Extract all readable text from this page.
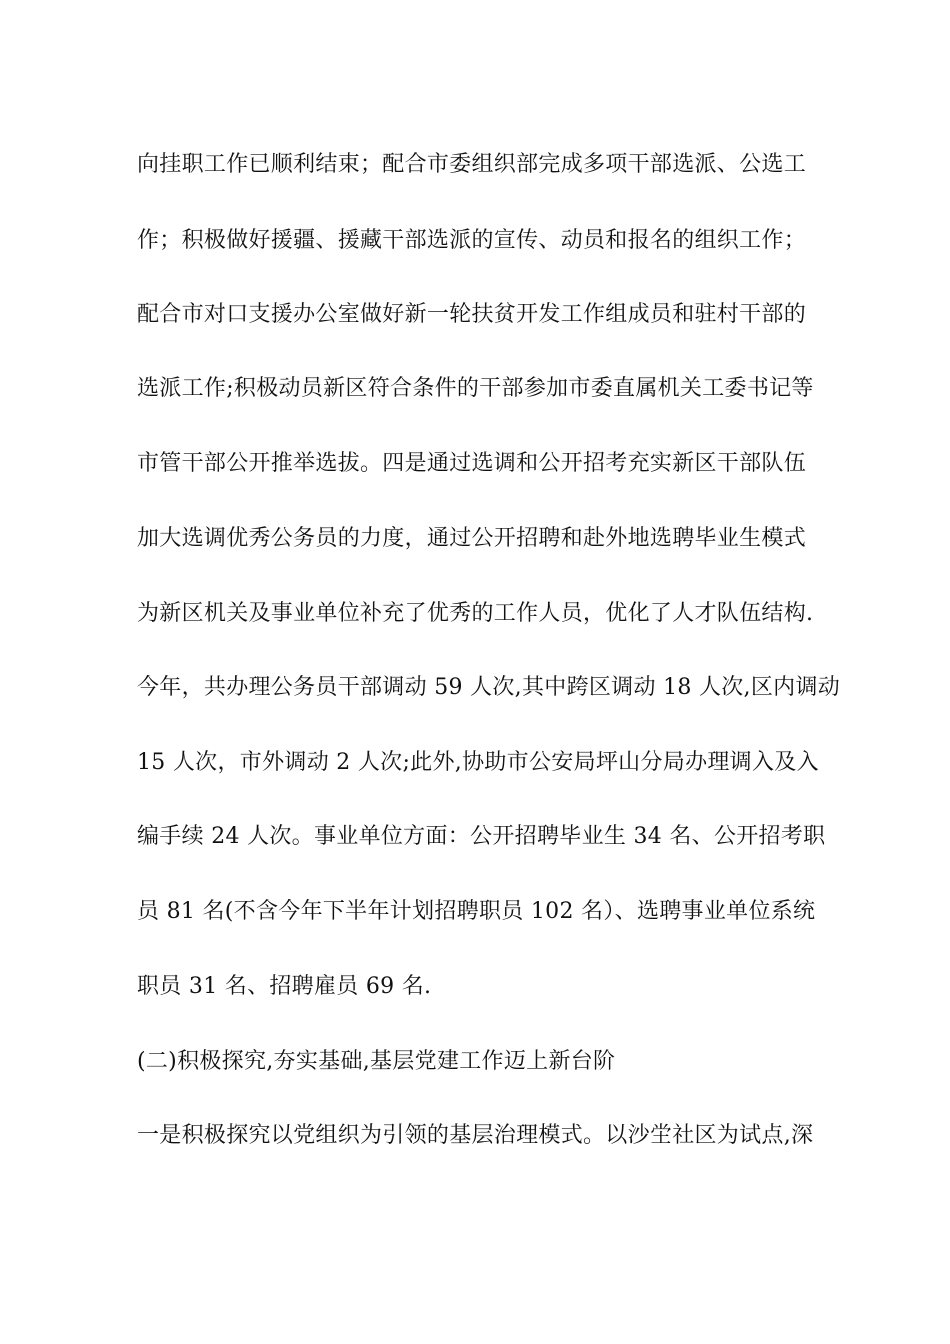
向挂职工作已顺利结束；配合市委组织部完成多项干部选派、公选工
作；积极做好援疆、援藏干部选派的宣传、动员和报名的组织工作；
配合市对口支援办公室做好新一轮扶贫开发工作组成员和驻村干部的
选派工作;积极动员新区符合条件的干部参加市委直属机关工委书记等
市管干部公开推举选拔。四是通过选调和公开招考充实新区干部队伍
加大选调优秀公务员的力度，通过公开招聘和赴外地选聘毕业生模式
为新区机关及事业单位补充了优秀的工作人员，优化了人才队伍结构.
今年，共办理公务员干部调动 59 人次,其中跨区调动 18 人次,区内调动
15 人次，市外调动 2 人次;此外,协助市公安局坪山分局办理调入及入
编手续 24 人次。事业单位方面：公开招聘毕业生 34 名、公开招考职
员 81 名(不含今年下半年计划招聘职员 102 名）、选聘事业单位系统
职员 31 名、招聘雇员 69 名.
(二)积极探究,夯实基础,基层党建工作迈上新台阶
一是积极探究以党组织为引领的基层治理模式。以沙坣社区为试点,深
